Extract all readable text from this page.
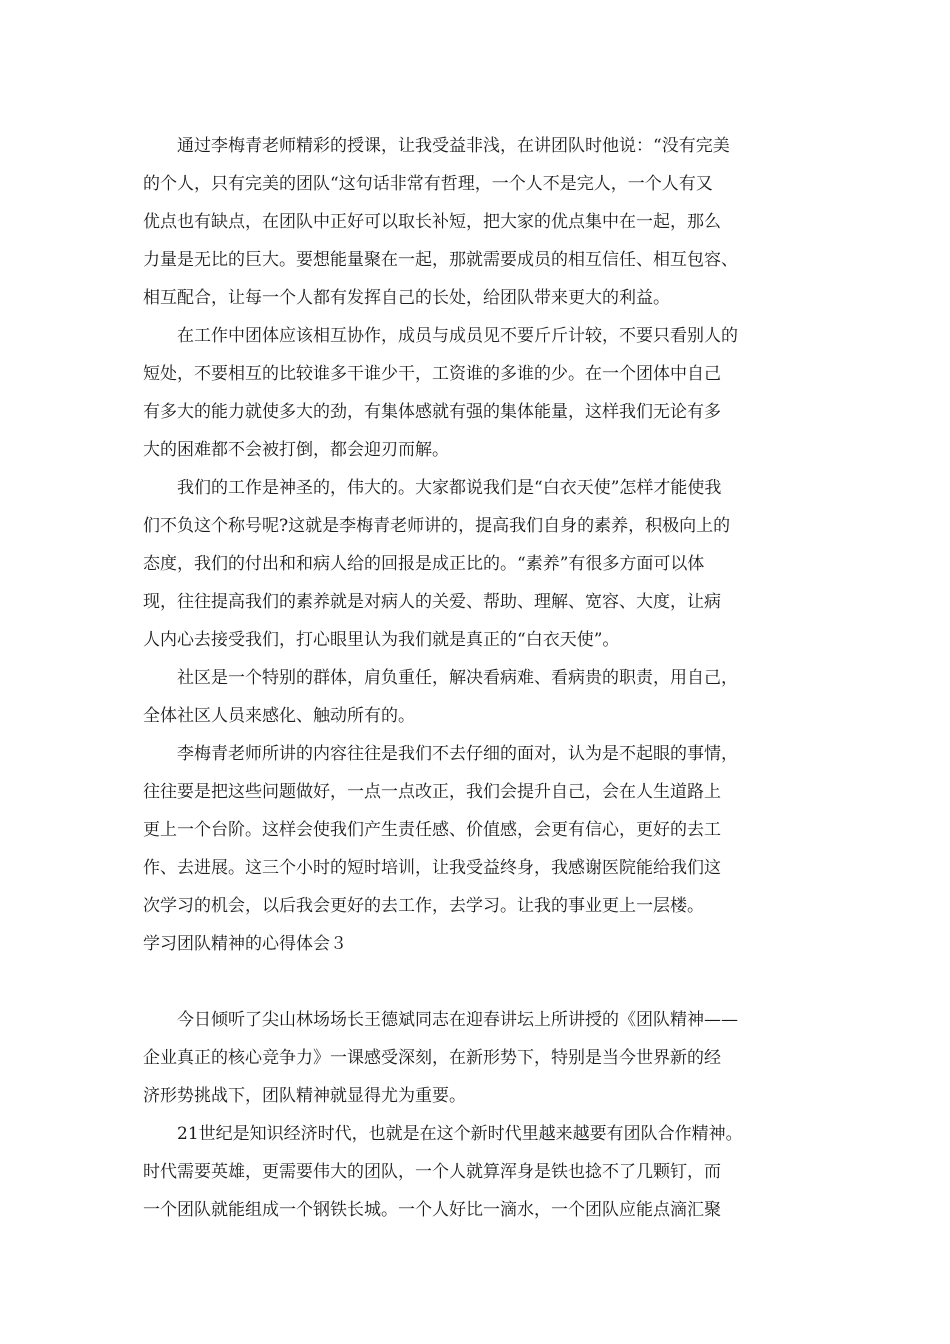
通过李梅青老师精彩的授课，让我受益非浅，在讲团队时他说：“没有完美
的个人，只有完美的团队“这句话非常有哲理，一个人不是完人，一个人有又
优点也有缺点，在团队中正好可以取长补短，把大家的优点集中在一起，那么
力量是无比的巨大。要想能量聚在一起，那就需要成员的相互信任、相互包容、
相互配合，让每一个人都有发挥自己的长处，给团队带来更大的利益。

在工作中团体应该相互协作，成员与成员见不要斤斤计较，不要只看别人的
短处，不要相互的比较谁多干谁少干，工资谁的多谁的少。在一个团体中自己
有多大的能力就使多大的劲，有集体感就有强的集体能量，这样我们无论有多
大的困难都不会被打倒，都会迎刃而解。

我们的工作是神圣的，伟大的。大家都说我们是“白衣天使”怎样才能使我
们不负这个称号呢?这就是李梅青老师讲的，提高我们自身的素养，积极向上的
态度，我们的付出和和病人给的回报是成正比的。“素养”有很多方面可以体
现，往往提高我们的素养就是对病人的关爱、帮助、理解、宽容、大度，让病
人内心去接受我们，打心眼里认为我们就是真正的“白衣天使”。

社区是一个特别的群体，肩负重任，解决看病难、看病贵的职责，用自己，
全体社区人员来感化、触动所有的。

李梅青老师所讲的内容往往是我们不去仔细的面对，认为是不起眼的事情，
往往要是把这些问题做好，一点一点改正，我们会提升自己，会在人生道路上
更上一个台阶。这样会使我们产生责任感、价值感，会更有信心，更好的去工
作、去进展。这三个小时的短时培训，让我受益终身，我感谢医院能给我们这
次学习的机会，以后我会更好的去工作，去学习。让我的事业更上一层楼。

学习团队精神的心得体会３

今日倾听了尖山林场场长王德斌同志在迎春讲坛上所讲授的《团队精神——
企业真正的核心竞争力》一课感受深刻，在新形势下，特别是当今世界新的经
济形势挑战下，团队精神就显得尤为重要。

21世纪是知识经济时代，也就是在这个新时代里越来越要有团队合作精神。
时代需要英雄，更需要伟大的团队，一个人就算浑身是铁也捻不了几颗钉，而
一个团队就能组成一个钢铁长城。一个人好比一滴水，一个团队应能点滴汇聚
